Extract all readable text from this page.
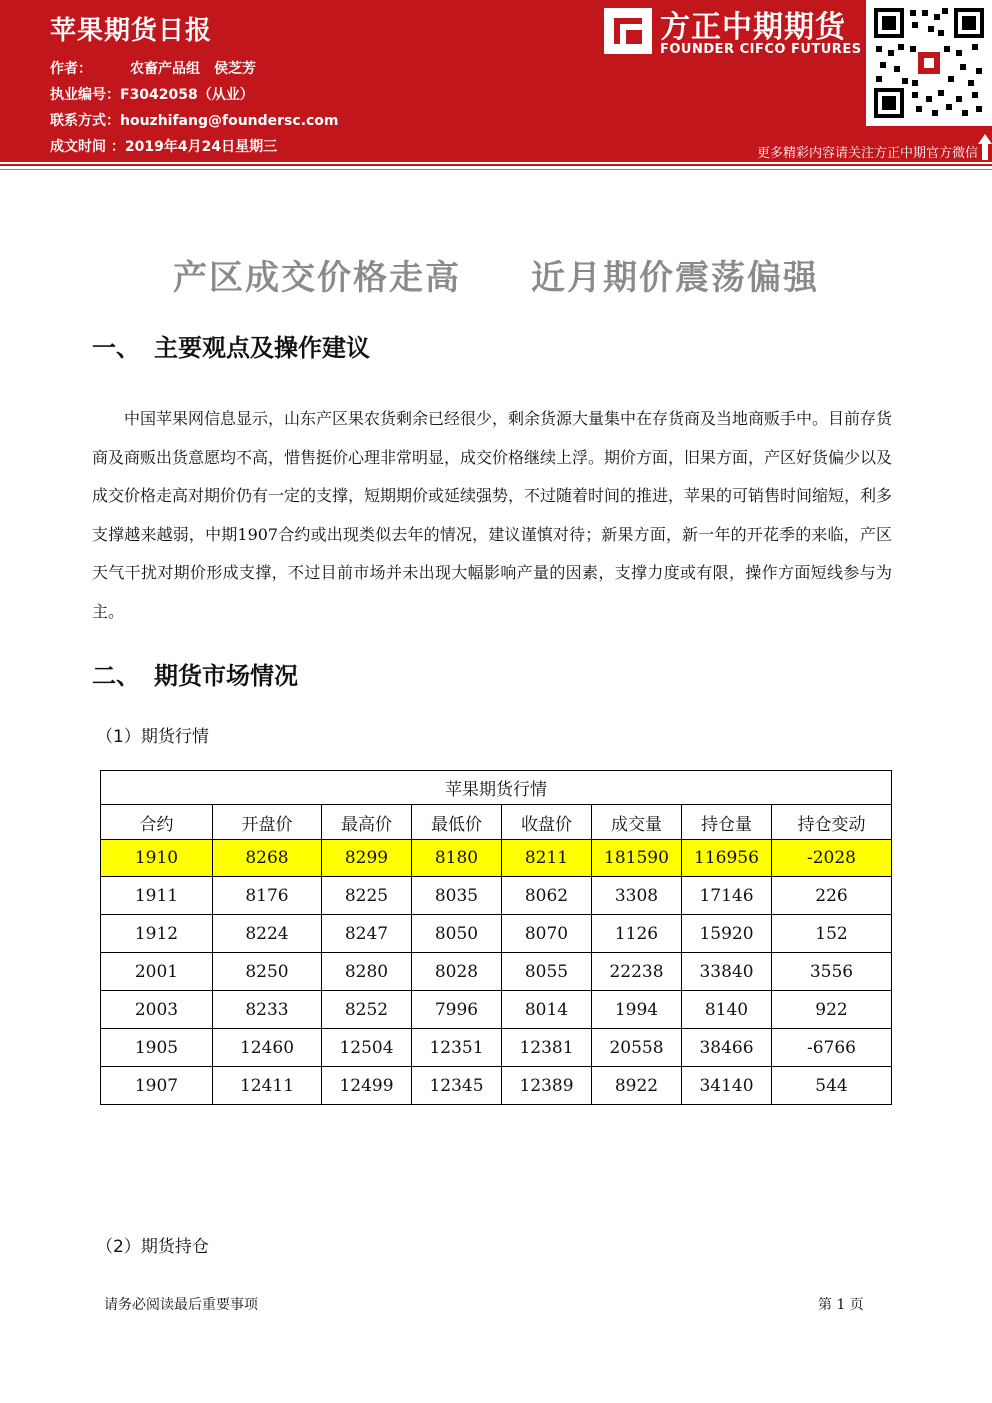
苹果期货日报
作者：	农畜产品组　侯芝芳
执业编号：F3042058（从业）
联系方式：houzhifang@foundersc.com
成文时间 ：2019年4月24日星期三
方正中期期货
FOUNDER CIFCO FUTURES
更多精彩内容请关注方正中期官方微信
产区成交价格走高 近月期价震荡偏强
一、 主要观点及操作建议
中国苹果网信息显示，山东产区果农货剩余已经很少，剩余货源大量集中在存货商及当地商贩手中。目前存货商及商贩出货意愿均不高，惜售挺价心理非常明显，成交价格继续上浮。期价方面，旧果方面，产区好货偏少以及成交价格走高对期价仍有一定的支撑，短期期价或延续强势，不过随着时间的推进，苹果的可销售时间缩短，利多支撑越来越弱，中期1907合约或出现类似去年的情况，建议谨慎对待；新果方面，新一年的开花季的来临，产区天气干扰对期价形成支撑，不过目前市场并未出现大幅影响产量的因素，支撑力度或有限，操作方面短线参与为主。
二、 期货市场情况
（1）期货行情
苹果期货行情							
合约	开盘价	最高价	最低价	收盘价	成交量	持仓量	持仓变动
1910	8268	8299	8180	8211	181590	116956	-2028
1911	8176	8225	8035	8062	3308	17146	226
1912	8224	8247	8050	8070	1126	15920	152
2001	8250	8280	8028	8055	22238	33840	3556
2003	8233	8252	7996	8014	1994	8140	922
1905	12460	12504	12351	12381	20558	38466	-6766
1907	12411	12499	12345	12389	8922	34140	544
（2）期货持仓
请务必阅读最后重要事项	第 1 页
